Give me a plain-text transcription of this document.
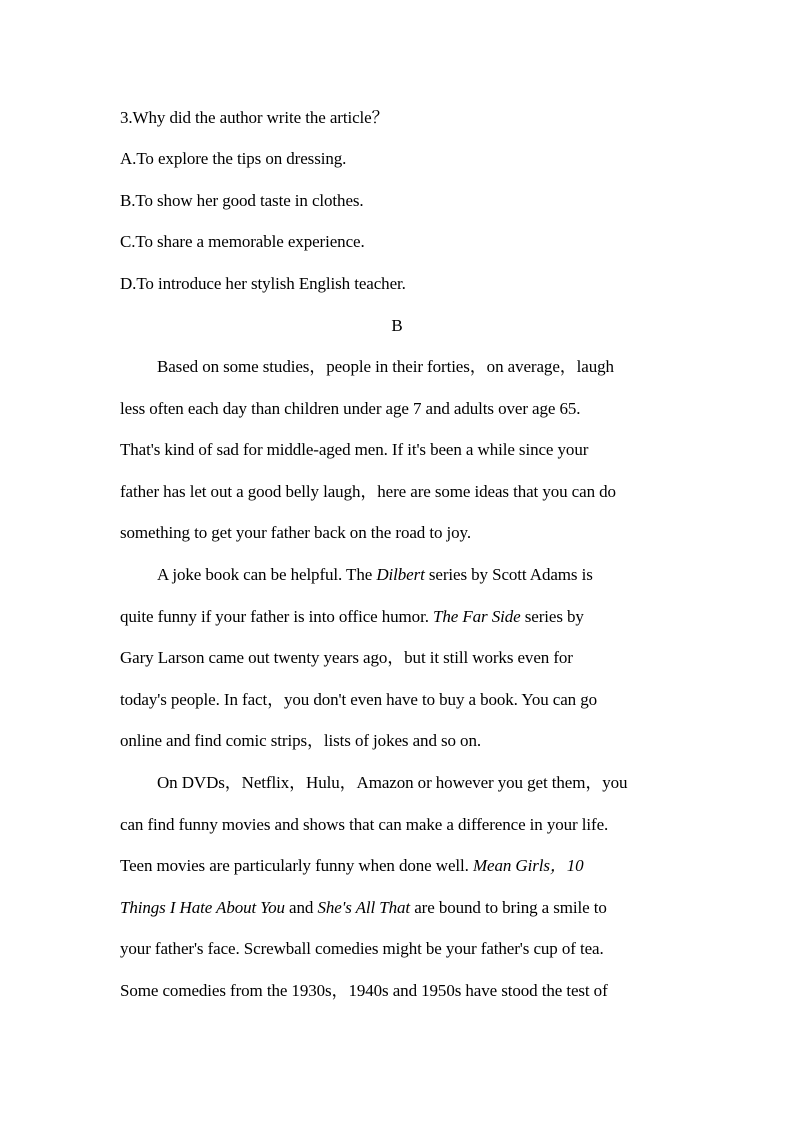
3.Why did the author write the article？
A.To explore the tips on dressing.
B.To show her good taste in clothes.
C.To share a memorable experience.
D.To introduce her stylish English teacher.
B
Based on some studies，people in their forties，on average，laugh
less often each day than children under age 7 and adults over age 65.
That's kind of sad for middle-aged men. If it's been a while since your
father has let out a good belly laugh，here are some ideas that you can do
something to get your father back on the road to joy.
A joke book can be helpful. The Dilbert series by Scott Adams is
quite funny if your father is into office humor. The Far Side series by
Gary Larson came out twenty years ago，but it still works even for
today's people. In fact，you don't even have to buy a book. You can go
online and find comic strips，lists of jokes and so on.
On DVDs，Netflix，Hulu，Amazon or however you get them，you
can find funny movies and shows that can make a difference in your life.
Teen movies are particularly funny when done well. Mean Girls，10
Things I Hate About You and She's All That are bound to bring a smile to
your father's face. Screwball comedies might be your father's cup of tea.
Some comedies from the 1930s，1940s and 1950s have stood the test of
